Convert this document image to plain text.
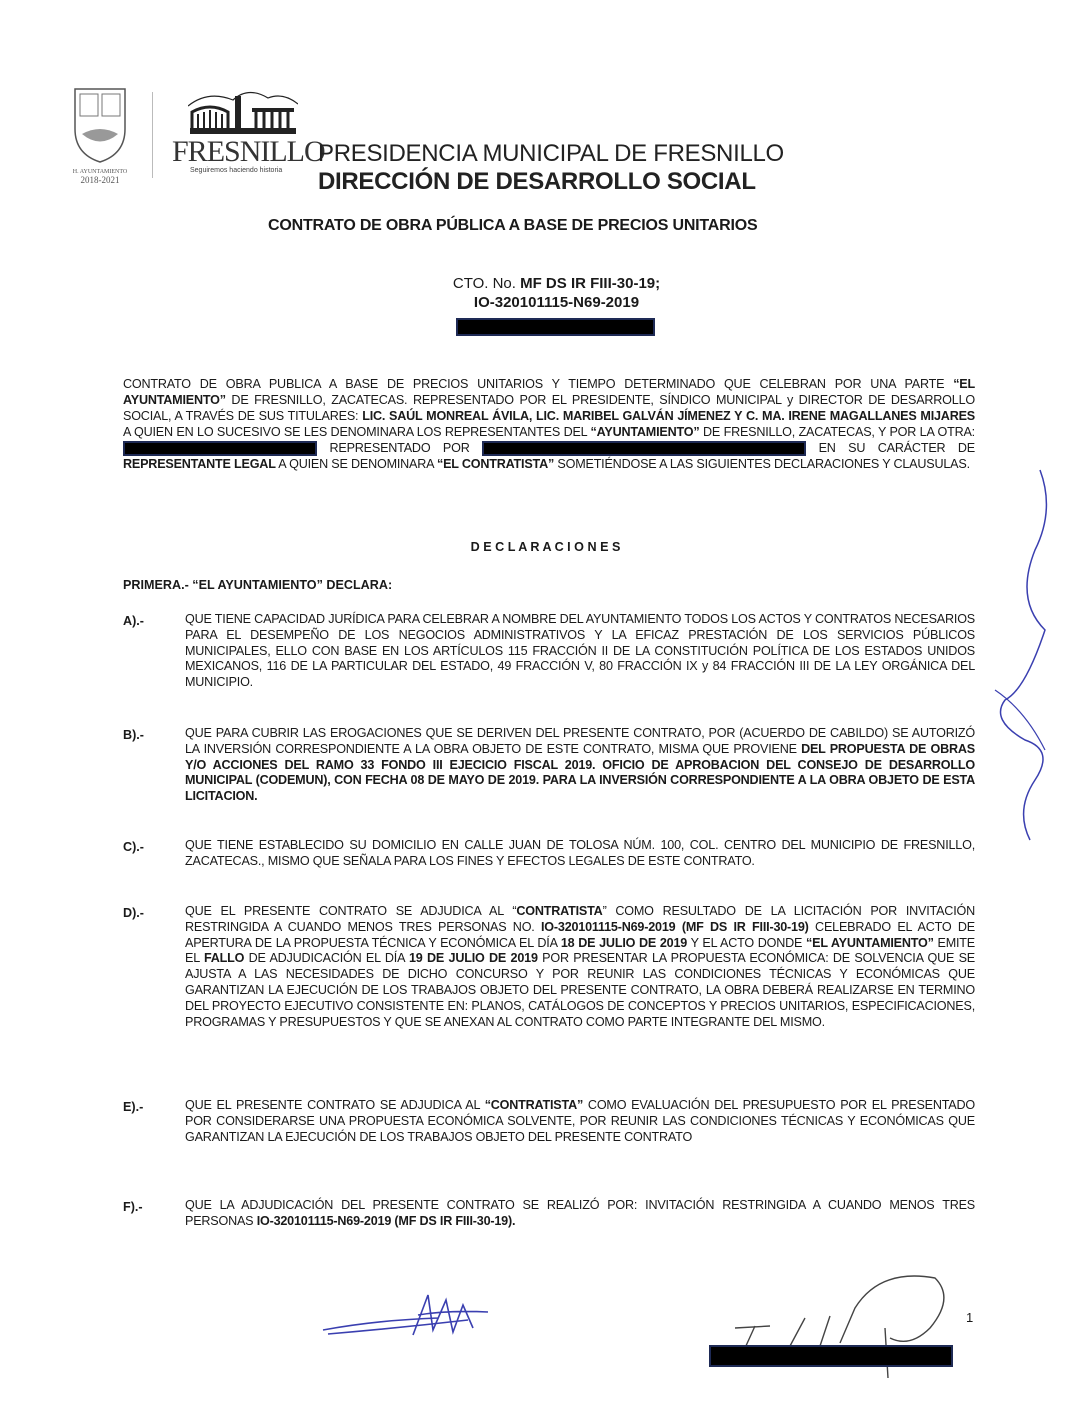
H. AYUNTAMIENTO
2018-2021
FRESNILLO
Seguiremos haciendo historia
PRESIDENCIA MUNICIPAL DE FRESNILLO
DIRECCIÓN DE DESARROLLO SOCIAL
CONTRATO DE OBRA PÚBLICA A BASE DE PRECIOS UNITARIOS
CTO. No. MF DS IR FIII-30-19;
IO-320101115-N69-2019
CONTRATO DE OBRA PUBLICA A BASE DE PRECIOS UNITARIOS Y TIEMPO DETERMINADO QUE CELEBRAN POR UNA PARTE “EL AYUNTAMIENTO” DE FRESNILLO, ZACATECAS. REPRESENTADO POR EL PRESIDENTE, SÍNDICO MUNICIPAL y DIRECTOR DE DESARROLLO SOCIAL, A TRAVÉS DE SUS TITULARES: LIC. SAÚL MONREAL ÁVILA, LIC. MARIBEL GALVÁN JÍMENEZ Y C. MA. IRENE MAGALLANES MIJARES A QUIEN EN LO SUCESIVO SE LES DENOMINARA LOS REPRESENTANTES DEL “AYUNTAMIENTO” DE FRESNILLO, ZACATECAS, Y POR LA OTRA:  REPRESENTADO POR	EN SU CARÁCTER DE REPRESENTANTE LEGAL A QUIEN SE DENOMINARA “EL CONTRATISTA” SOMETIÉNDOSE A LAS SIGUIENTES DECLARACIONES Y CLAUSULAS.
D E C L A R A C I O N E S
PRIMERA.- “EL AYUNTAMIENTO” DECLARA:
A).-	QUE TIENE CAPACIDAD JURÍDICA PARA CELEBRAR A NOMBRE DEL AYUNTAMIENTO TODOS LOS ACTOS Y CONTRATOS NECESARIOS PARA EL DESEMPEÑO DE LOS NEGOCIOS ADMINISTRATIVOS Y LA EFICAZ PRESTACIÓN DE LOS SERVICIOS PÚBLICOS MUNICIPALES, ELLO CON BASE EN LOS ARTÍCULOS 115 FRACCIÓN II DE LA CONSTITUCIÓN POLÍTICA DE LOS ESTADOS UNIDOS MEXICANOS, 116 DE LA PARTICULAR DEL ESTADO, 49 FRACCIÓN V, 80 FRACCIÓN IX y 84 FRACCIÓN III DE LA LEY ORGÁNICA DEL MUNICIPIO.
B).-	QUE PARA CUBRIR LAS EROGACIONES QUE SE DERIVEN DEL PRESENTE CONTRATO, POR (ACUERDO DE CABILDO) SE AUTORIZÓ LA INVERSIÓN CORRESPONDIENTE A LA OBRA OBJETO DE ESTE CONTRATO, MISMA QUE PROVIENE DEL PROPUESTA DE OBRAS Y/O ACCIONES DEL RAMO 33 FONDO III EJECICIO FISCAL 2019. OFICIO DE APROBACION DEL CONSEJO DE DESARROLLO MUNICIPAL (CODEMUN), CON FECHA 08 DE MAYO DE 2019. PARA LA INVERSIÓN CORRESPONDIENTE A LA OBRA OBJETO DE ESTA LICITACION.
C).-	QUE TIENE ESTABLECIDO SU DOMICILIO EN CALLE JUAN DE TOLOSA NÚM. 100, COL. CENTRO DEL MUNICIPIO DE FRESNILLO, ZACATECAS., MISMO QUE SEÑALA PARA LOS FINES Y EFECTOS LEGALES DE ESTE CONTRATO.
D).-	QUE EL PRESENTE CONTRATO SE ADJUDICA AL “CONTRATISTA” COMO RESULTADO DE LA LICITACIÓN POR INVITACIÓN RESTRINGIDA A CUANDO MENOS TRES PERSONAS NO. IO-320101115-N69-2019 (MF DS IR FIII-30-19) CELEBRADO EL ACTO DE APERTURA DE LA PROPUESTA TÉCNICA Y ECONÓMICA EL DÍA 18 DE JULIO DE 2019 Y EL ACTO DONDE “EL AYUNTAMIENTO” EMITE EL FALLO DE ADJUDICACIÓN EL DÍA 19 DE JULIO DE 2019 POR PRESENTAR LA PROPUESTA ECONÓMICA: DE SOLVENCIA QUE SE AJUSTA A LAS NECESIDADES DE DICHO CONCURSO Y POR REUNIR LAS CONDICIONES TÉCNICAS Y ECONÓMICAS QUE GARANTIZAN LA EJECUCIÓN DE LOS TRABAJOS OBJETO DEL PRESENTE CONTRATO, LA OBRA DEBERÁ REALIZARSE EN TERMINO DEL PROYECTO EJECUTIVO CONSISTENTE EN: PLANOS, CATÁLOGOS DE CONCEPTOS Y PRECIOS UNITARIOS, ESPECIFICACIONES, PROGRAMAS Y PRESUPUESTOS Y QUE SE ANEXAN AL CONTRATO COMO PARTE INTEGRANTE DEL MISMO.
E).-	QUE EL PRESENTE CONTRATO SE ADJUDICA AL “CONTRATISTA” COMO EVALUACIÓN DEL PRESUPUESTO POR EL PRESENTADO POR CONSIDERARSE UNA PROPUESTA ECONÓMICA SOLVENTE, POR REUNIR LAS CONDICIONES TÉCNICAS Y ECONÓMICAS QUE GARANTIZAN LA EJECUCIÓN DE LOS TRABAJOS OBJETO DEL PRESENTE CONTRATO
F).-	QUE LA ADJUDICACIÓN DEL PRESENTE CONTRATO SE REALIZÓ POR: INVITACIÓN RESTRINGIDA A CUANDO MENOS TRES PERSONAS IO-320101115-N69-2019 (MF DS IR FIII-30-19).
1
